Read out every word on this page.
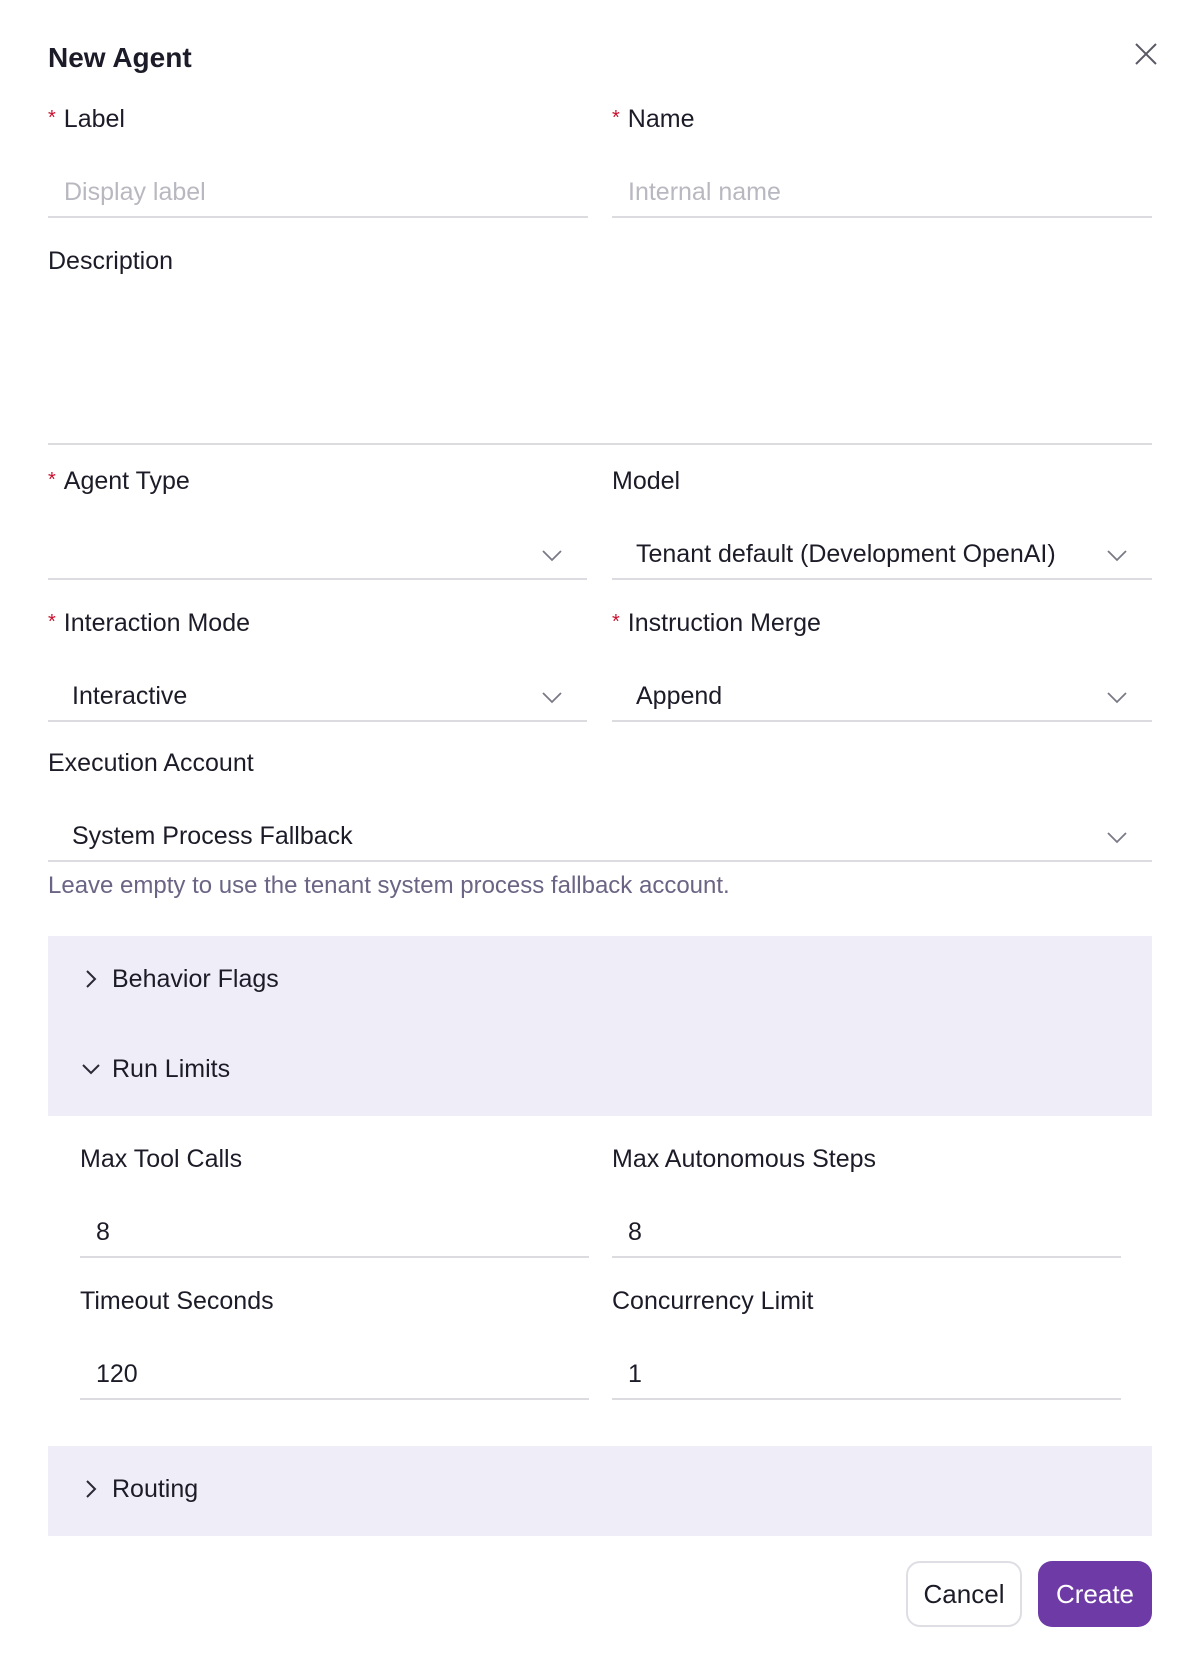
New Agent
* Label
Display label
* Name
Internal name
Description
* Agent Type	Model
Tenant default (Development OpenAI)
* Interaction Mode
Interactive
* Instruction Merge
Append
Execution Account
System Process Fallback
Leave empty to use the tenant system process fallback account.
Behavior Flags
Run Limits
Max Tool Calls
8
Max Autonomous Steps
8
Timeout Seconds
120
Concurrency Limit
1
Routing
Cancel	Create
